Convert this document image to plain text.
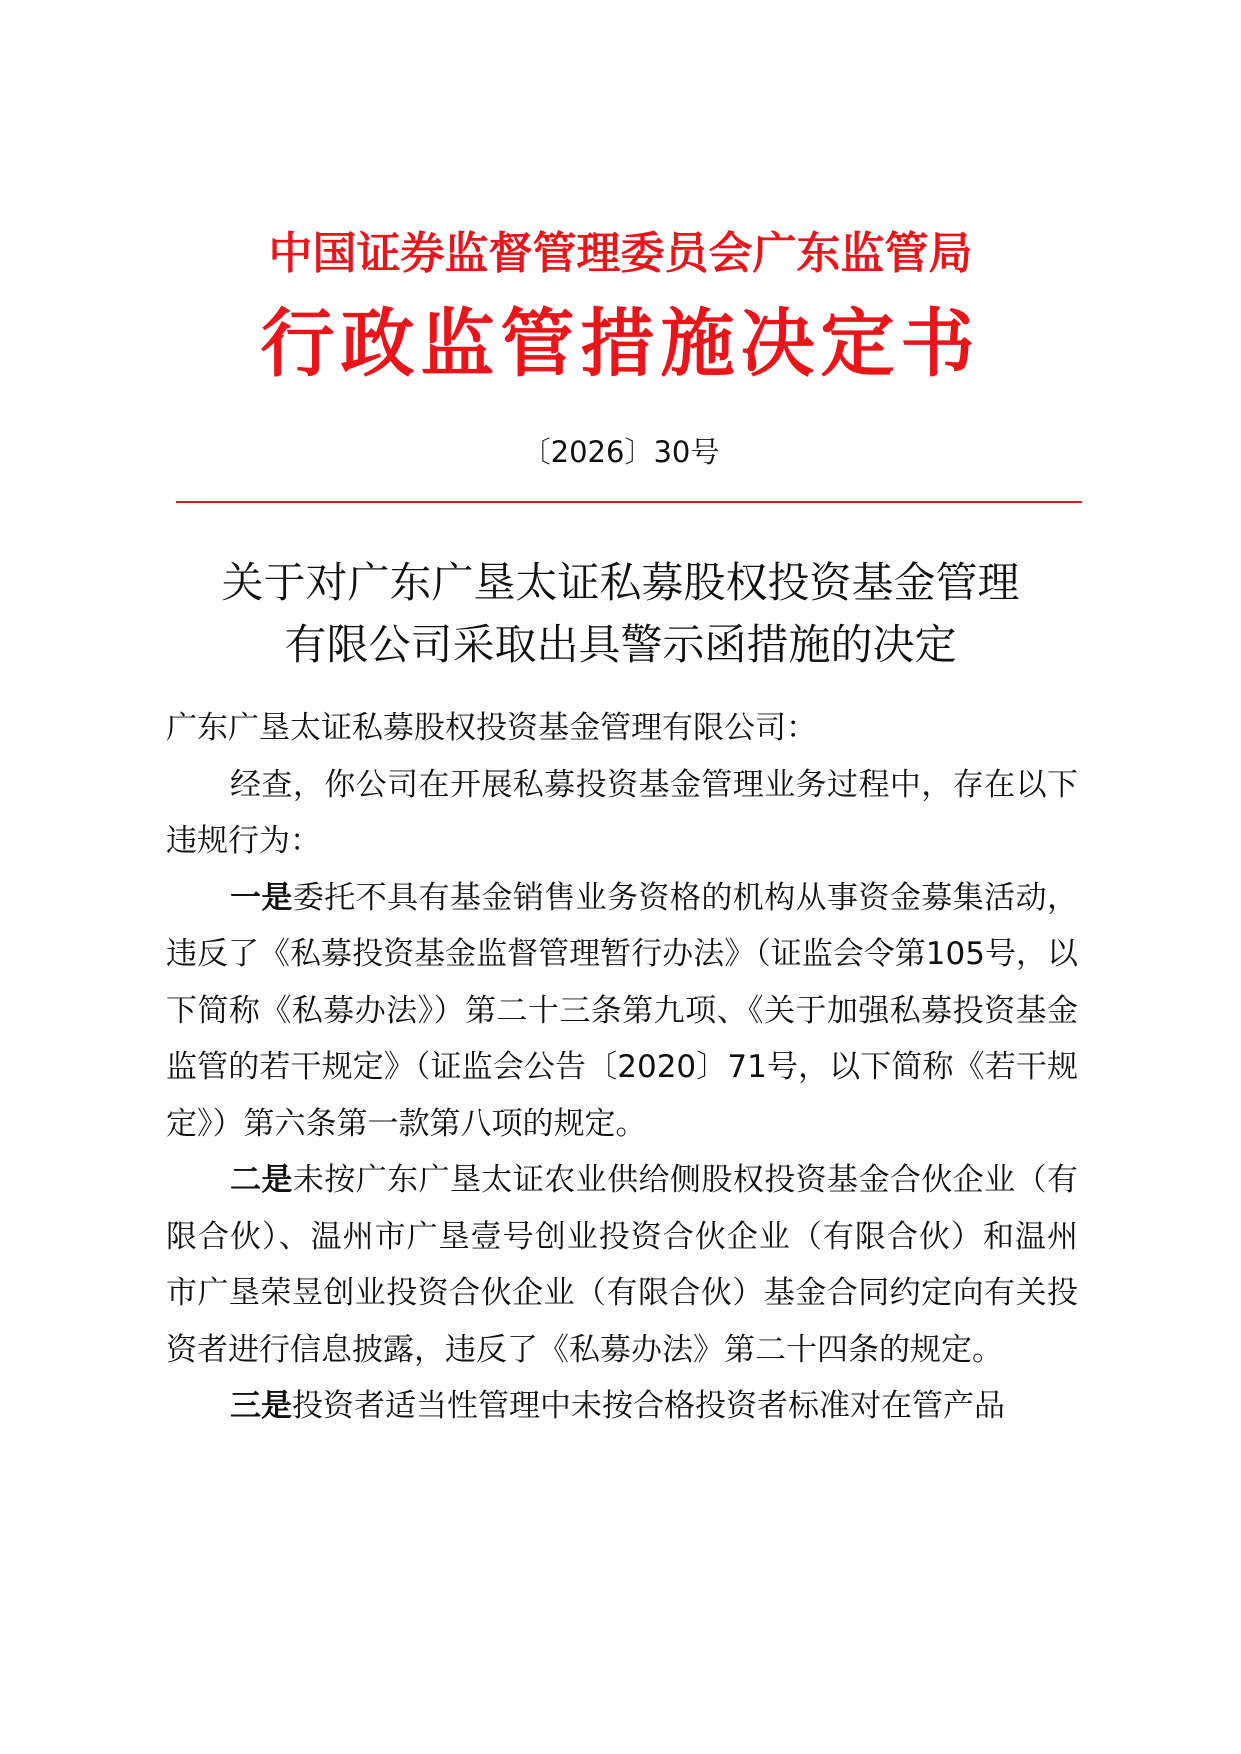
中国证券监督管理委员会广东监管局
行政监管措施决定书
〔2026〕30号
关于对广东广垦太证私募股权投资基金管理
有限公司采取出具警示函措施的决定

广东广垦太证私募股权投资基金管理有限公司：

经查，你公司在开展私募投资基金管理业务过程中，存在以下违规行为：

一是委托不具有基金销售业务资格的机构从事资金募集活动，违反了《私募投资基金监督管理暂行办法》（证监会令第105号，以下简称《私募办法》）第二十三条第九项、《关于加强私募投资基金监管的若干规定》（证监会公告〔2020〕71号，以下简称《若干规定》）第六条第一款第八项的规定。

二是未按广东广垦太证农业供给侧股权投资基金合伙企业（有限合伙）、温州市广垦壹号创业投资合伙企业（有限合伙）和温州市广垦荣昱创业投资合伙企业（有限合伙）基金合同约定向有关投资者进行信息披露，违反了《私募办法》第二十四条的规定。

三是投资者适当性管理中未按合格投资者标准对在管产品
